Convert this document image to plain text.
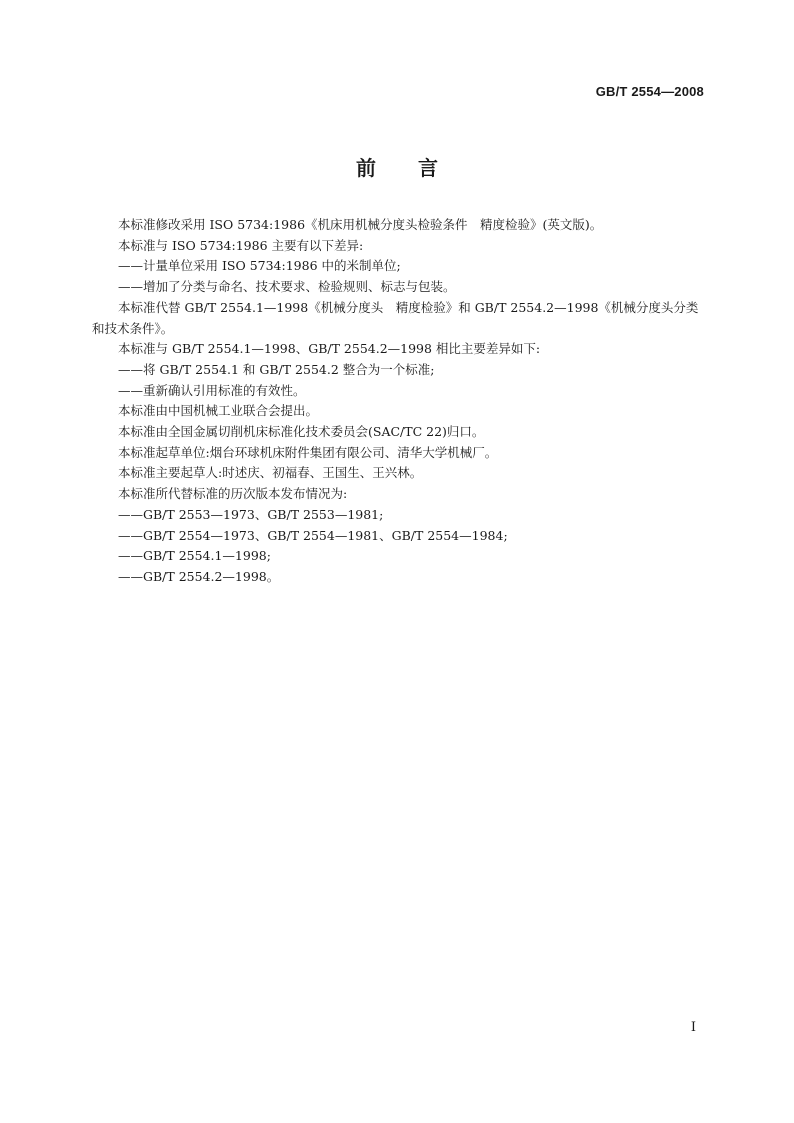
GB/T 2554—2008
前言

本标准修改采用 ISO 5734:1986《机床用机械分度头检验条件　精度检验》(英文版)。

本标准与 ISO 5734:1986 主要有以下差异:

——计量单位采用 ISO 5734:1986 中的米制单位;

——增加了分类与命名、技术要求、检验规则、标志与包装。

本标准代替 GB/T 2554.1—1998《机械分度头　精度检验》和 GB/T 2554.2—1998《机械分度头分类和技术条件》。

本标准与 GB/T 2554.1—1998、GB/T 2554.2—1998 相比主要差异如下:

——将 GB/T 2554.1 和 GB/T 2554.2 整合为一个标准;

——重新确认引用标准的有效性。

本标准由中国机械工业联合会提出。

本标准由全国金属切削机床标准化技术委员会(SAC/TC 22)归口。

本标准起草单位:烟台环球机床附件集团有限公司、清华大学机械厂。

本标准主要起草人:时述庆、初福春、王国生、王兴林。

本标准所代替标准的历次版本发布情况为:

——GB/T 2553—1973、GB/T 2553—1981;

——GB/T 2554—1973、GB/T 2554—1981、GB/T 2554—1984;

——GB/T 2554.1—1998;

——GB/T 2554.2—1998。

I
